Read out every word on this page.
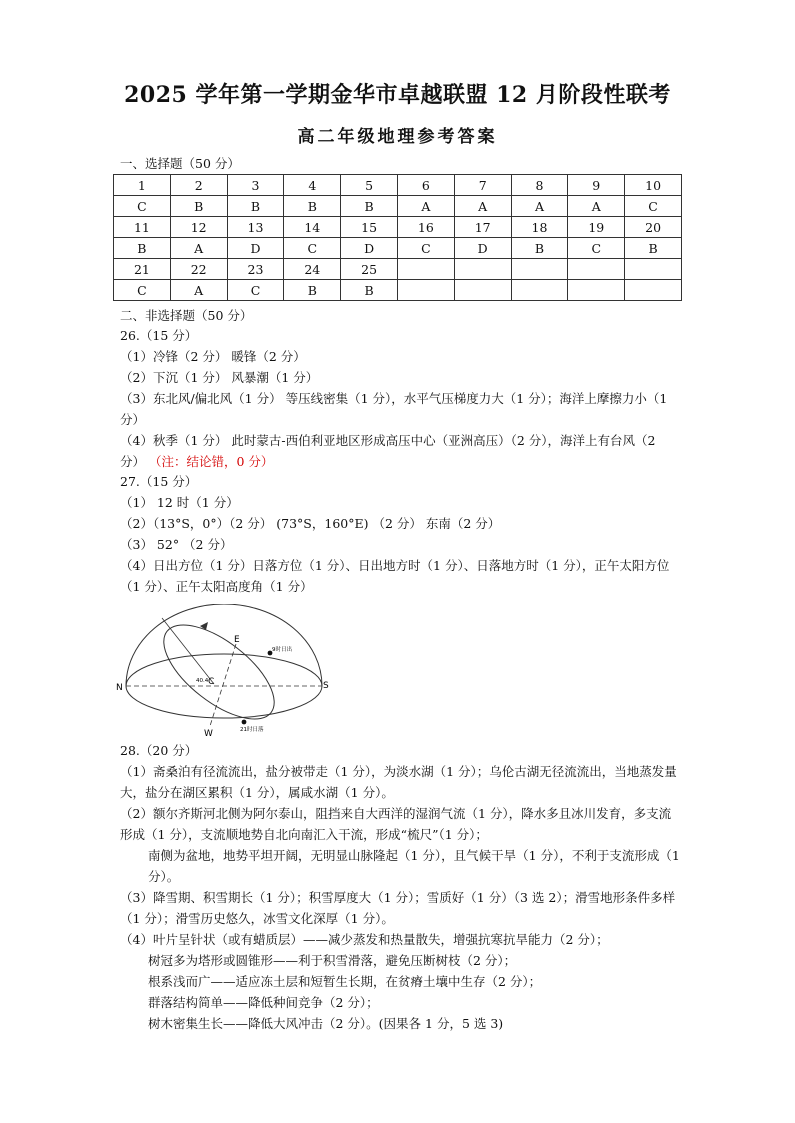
2025 学年第一学期金华市卓越联盟 12 月阶段性联考
高二年级地理参考答案
一、选择题（50 分）
1	2	3	4	5	6	7	8	9	10
C	B	B	B	B	A	A	A	A	C
11	12	13	14	15	16	17	18	19	20
B	A	D	C	D	C	D	B	C	B
21	22	23	24	25					
C	A	C	B	B					
二、非选择题（50 分）
26.（15 分）
（1）冷锋（2 分） 暖锋（2 分）
（2）下沉（1 分） 风暴潮（1 分）
（3）东北风/偏北风（1 分） 等压线密集（1 分），水平气压梯度力大（1 分）；海洋上摩擦力小（1 分）
（4）秋季（1 分） 此时蒙古-西伯利亚地区形成高压中心（亚洲高压）（2 分），海洋上有台风（2 分） （注：结论错，0 分）
27.（15 分）
（1） 12 时（1 分）
（2）（13°S，0°）（2 分） (73°S，160°E) （2 分） 东南（2 分）
（3） 52° （2 分）
（4）日出方位（1 分）日落方位（1 分）、日出地方时（1 分）、日落地方时（1 分），正午太阳方位（1 分）、正午太阳高度角（1 分）
N	S
E
W
C
40.4
9时日出
21时日落
28.（20 分）
（1）斋桑泊有径流流出，盐分被带走（1 分），为淡水湖（1 分）；乌伦古湖无径流流出，当地蒸发量大，盐分在湖区累积（1 分），属咸水湖（1 分）。
（2）额尔齐斯河北侧为阿尔泰山，阻挡来自大西洋的湿润气流（1 分），降水多且冰川发育，多支流形成（1 分），支流顺地势自北向南汇入干流，形成“梳尺”（1 分）；
南侧为盆地，地势平坦开阔，无明显山脉隆起（1 分），且气候干旱（1 分），不利于支流形成（1 分）。
（3）降雪期、积雪期长（1 分）；积雪厚度大（1 分）；雪质好（1 分）（3 选 2）；滑雪地形条件多样（1 分）；滑雪历史悠久，冰雪文化深厚（1 分）。
（4）叶片呈针状（或有蜡质层）——减少蒸发和热量散失，增强抗寒抗旱能力（2 分）；
树冠多为塔形或圆锥形——利于积雪滑落，避免压断树枝（2 分）；
根系浅而广——适应冻土层和短暂生长期，在贫瘠土壤中生存（2 分）；
群落结构简单——降低种间竞争（2 分）；
树木密集生长——降低大风冲击（2 分）。(因果各 1 分，5 选 3)
